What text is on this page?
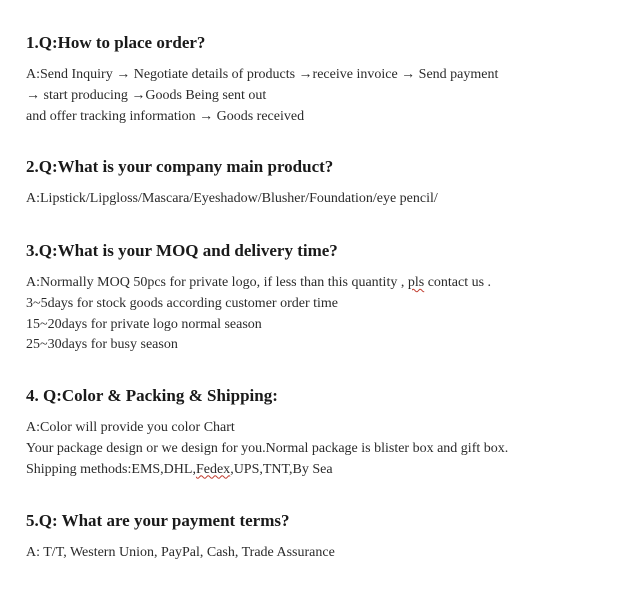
1.Q:How to place order?

A:Send Inquiry → Negotiate details of products →receive invoice → Send payment
→ start producing →Goods Being sent out
and offer tracking information → Goods received

2.Q:What is your company main product?

A:Lipstick/Lipgloss/Mascara/Eyeshadow/Blusher/Foundation/eye pencil/

3.Q:What is your MOQ and delivery time?

A:Normally MOQ 50pcs for private logo, if less than this quantity , pls contact us .
3~5days for stock goods according customer order time
15~20days for private logo normal season
25~30days for busy season

4. Q:Color & Packing & Shipping:

A:Color will provide you color Chart
Your package design or we design for you.Normal package is blister box and gift box.
Shipping methods:EMS,DHL,Fedex,UPS,TNT,By Sea

5.Q: What are your payment terms?

A: T/T, Western Union, PayPal, Cash, Trade Assurance
